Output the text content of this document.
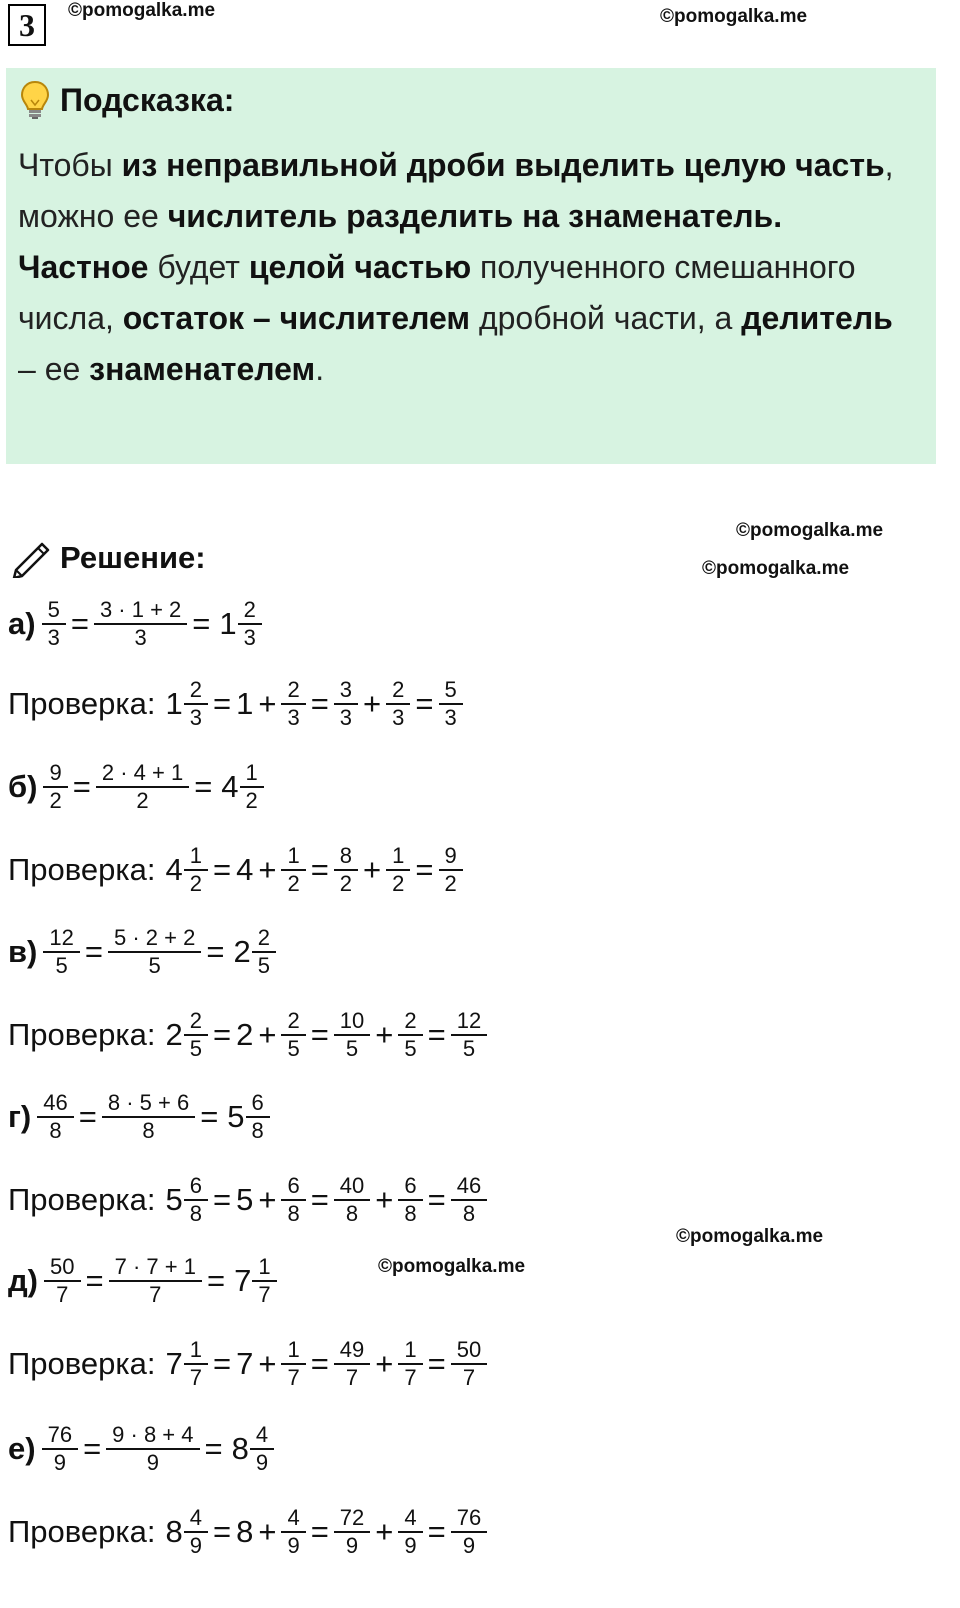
3	©pomogalka.me	©pomogalka.me
Подсказка:
Чтобы из неправильной дроби выделить целую часть, можно ее числитель разделить на знаменатель. Частное будет целой частью полученного смешанного числа, остаток – числителем дробной части, а делитель – ее знаменателем.
Решение:
©pomogalka.me
©pomogalka.me
©pomogalka.me
©pomogalka.me
$а) \frac{5}{3} = \frac{3 \cdot 1 + 2}{3} = 1 \frac{2}{3}$
Проверка: $1 \frac{2}{3} = 1 + \frac{2}{3} = \frac{3}{3} + \frac{2}{3} = \frac{5}{3}$
$б) \frac{9}{2} = \frac{2 \cdot 4 + 1}{2} = 4 \frac{1}{2}$
Проверка: $4 \frac{1}{2} = 4 + \frac{1}{2} = \frac{8}{2} + \frac{1}{2} = \frac{9}{2}$
$в) \frac{12}{5} = \frac{5 \cdot 2 + 2}{5} = 2 \frac{2}{5}$
Проверка: $2 \frac{2}{5} = 2 + \frac{2}{5} = \frac{10}{5} + \frac{2}{5} = \frac{12}{5}$
$г) \frac{46}{8} = \frac{8 \cdot 5 + 6}{8} = 5 \frac{6}{8}$
Проверка: $5 \frac{6}{8} = 5 + \frac{6}{8} = \frac{40}{8} + \frac{6}{8} = \frac{46}{8}$
$д) \frac{50}{7} = \frac{7 \cdot 7 + 1}{7} = 7 \frac{1}{7}$
Проверка: $7 \frac{1}{7} = 7 + \frac{1}{7} = \frac{49}{7} + \frac{1}{7} = \frac{50}{7}$
$е) \frac{76}{9} = \frac{9 \cdot 8 + 4}{9} = 8 \frac{4}{9}$
Проверка: $8 \frac{4}{9} = 8 + \frac{4}{9} = \frac{72}{9} + \frac{4}{9} = \frac{76}{9}$
